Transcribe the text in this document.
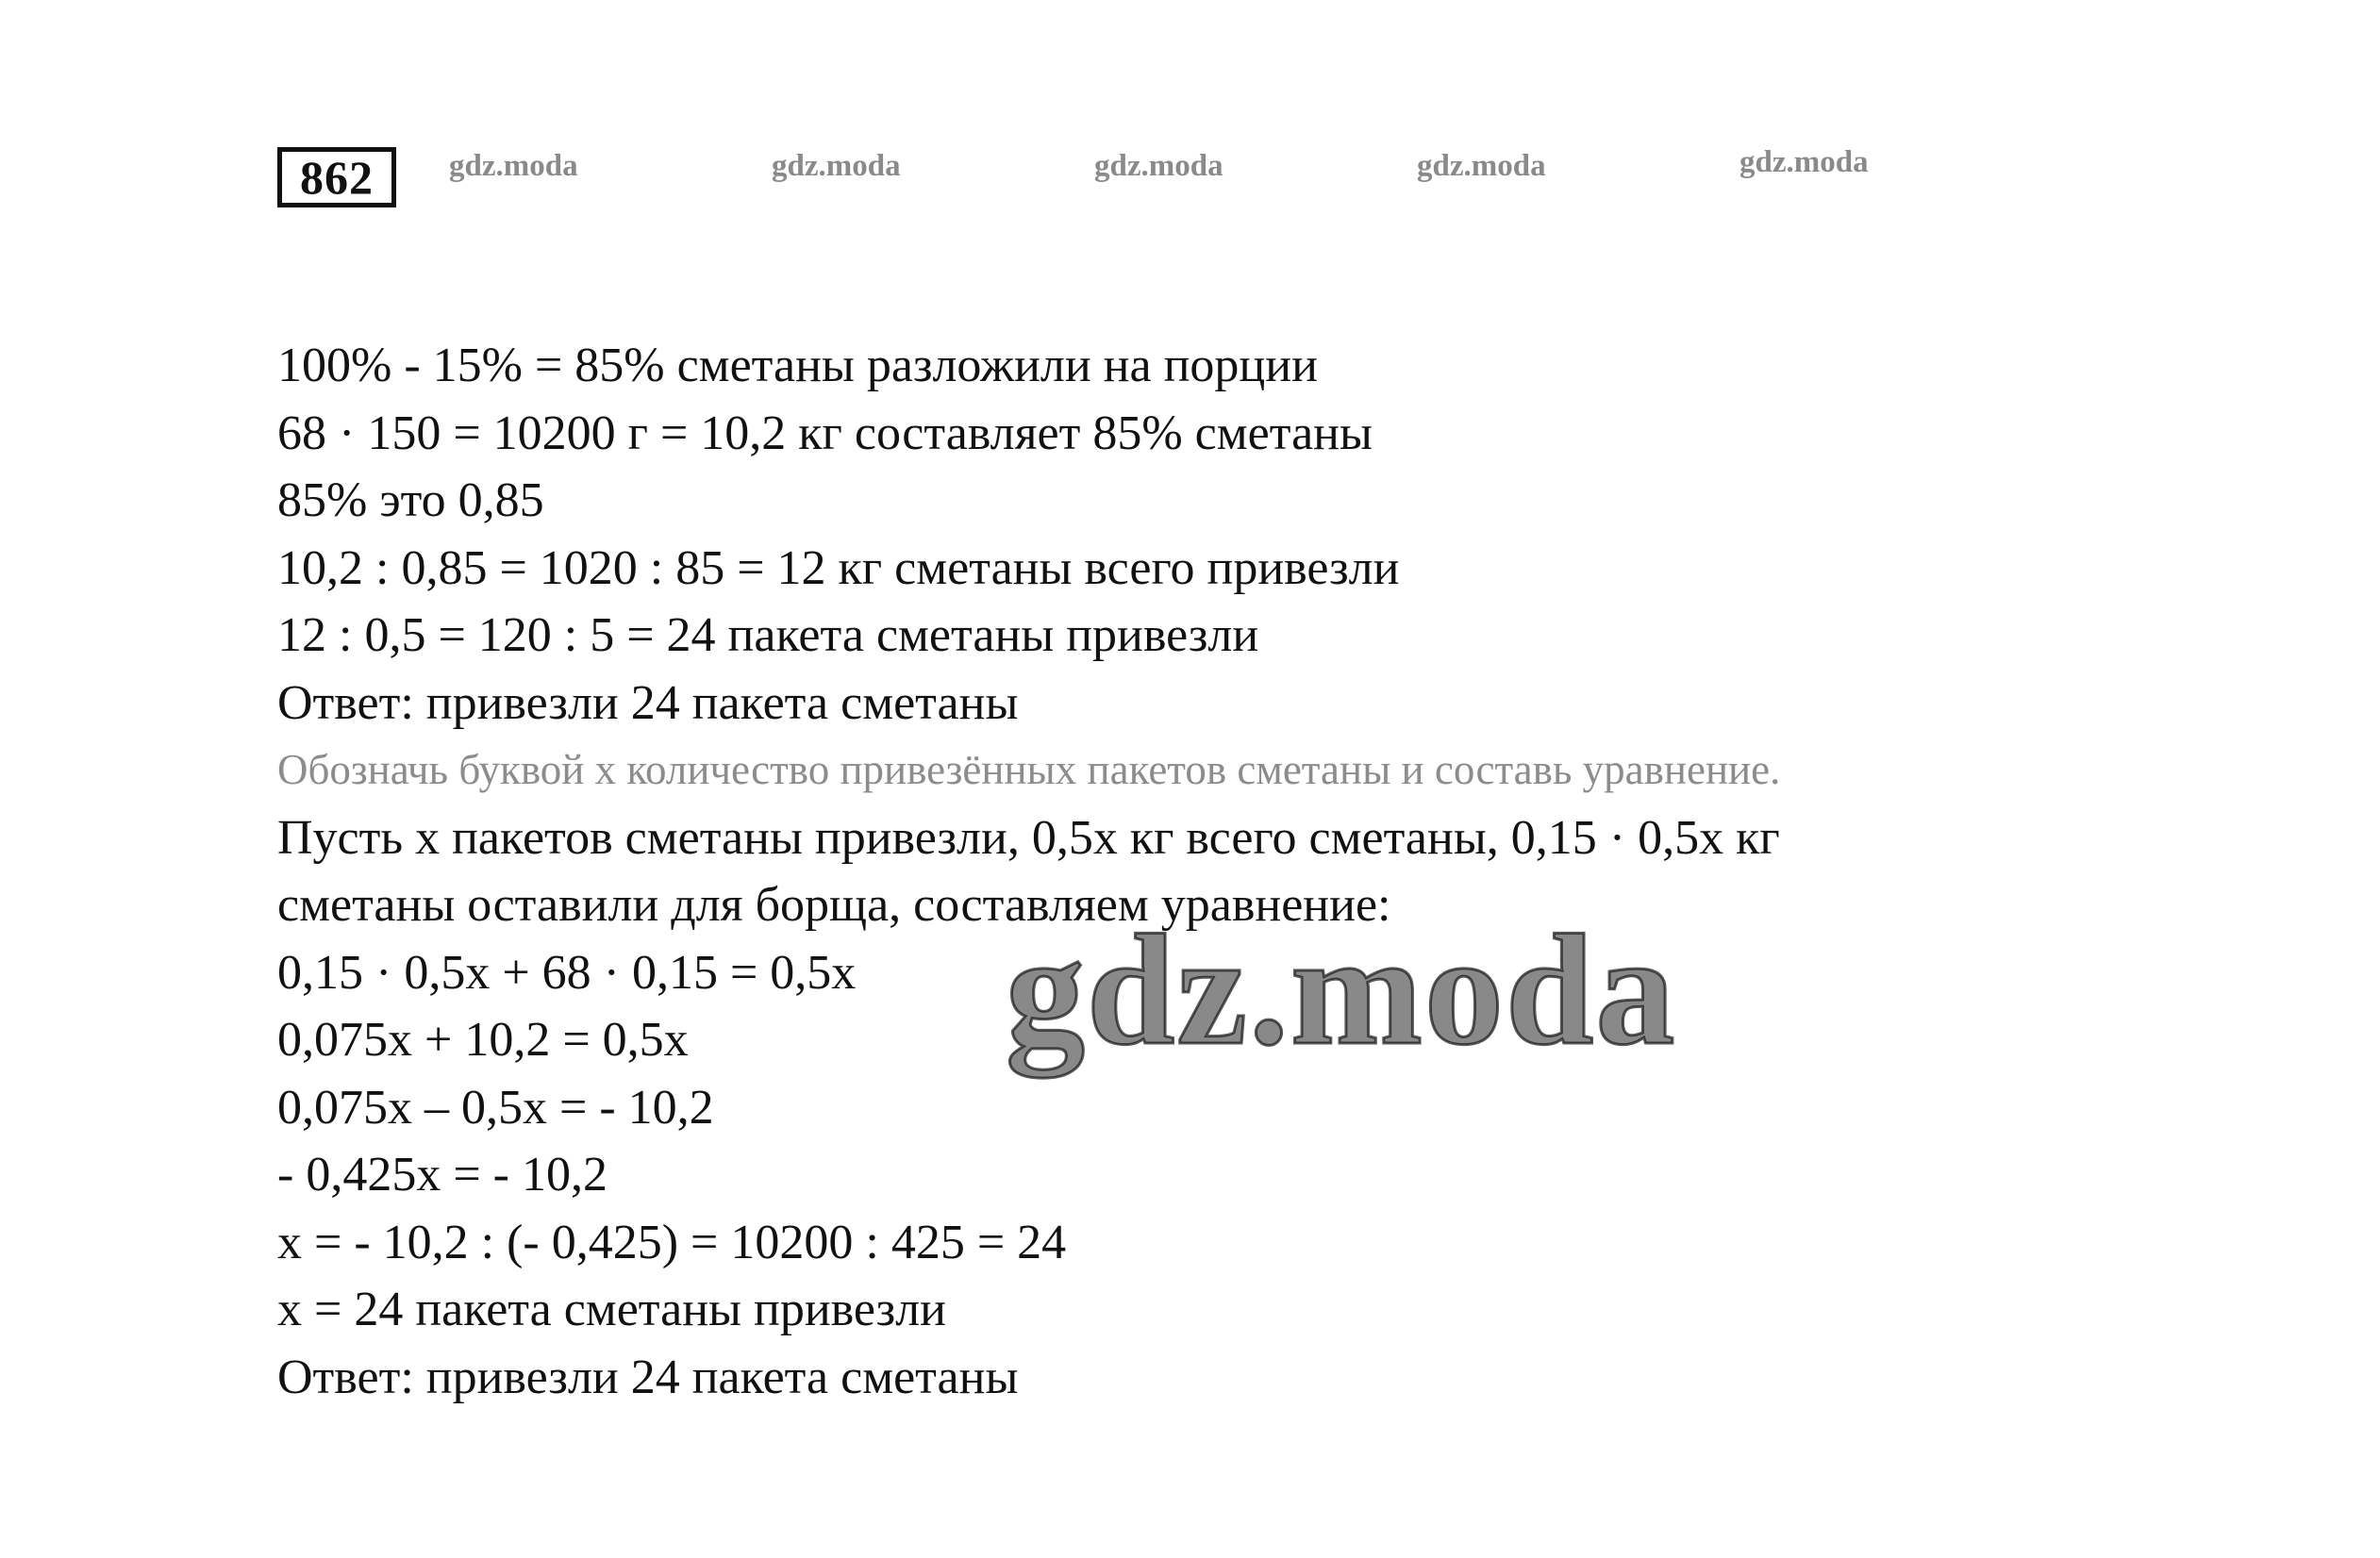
862	gdz.moda	gdz.moda	gdz.moda	gdz.moda	gdz.moda
100% - 15% = 85% сметаны разложили на порции
68 · 150 = 10200 г = 10,2 кг составляет 85% сметаны
85% это 0,85
10,2 : 0,85 = 1020 : 85 = 12 кг сметаны всего привезли
12 : 0,5 = 120 : 5 = 24 пакета сметаны привезли
Ответ: привезли 24 пакета сметаны
Обозначь буквой x количество привезённых пакетов сметаны и составь уравнение.
Пусть х пакетов сметаны привезли, 0,5х кг всего сметаны, 0,15 · 0,5х кг
сметаны оставили для борща, составляем уравнение:
0,15 · 0,5х + 68 · 0,15 = 0,5х
0,075х + 10,2 = 0,5х
0,075х – 0,5х = - 10,2
- 0,425х = - 10,2
х = - 10,2 : (- 0,425) = 10200 : 425 = 24
х = 24 пакета сметаны привезли
Ответ: привезли 24 пакета сметаны
gdz.moda
